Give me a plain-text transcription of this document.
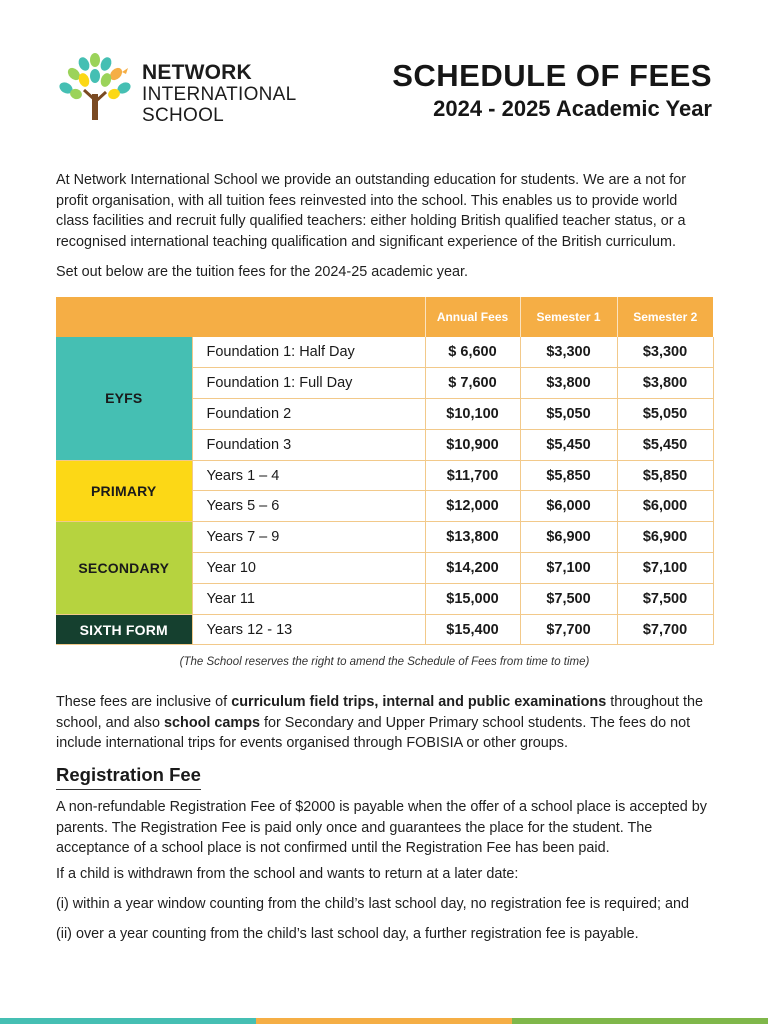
NETWORK
INTERNATIONAL
SCHOOL
SCHEDULE OF FEES
2024 - 2025 Academic Year

At Network International School we provide an outstanding education for students. We are a not for profit organisation, with all tuition fees reinvested into the school. This enables us to provide world class facilities and recruit fully qualified teachers: either holding British qualified teacher status, or a recognised international teaching qualification and significant experience of the British curriculum.

Set out below are the tuition fees for the 2024-25 academic year.

		Annual Fees	Semester 1	Semester 2
EYFS	Foundation 1: Half Day	$ 6,600	$3,300	$3,300
	Foundation 1: Full Day	$ 7,600	$3,800	$3,800
	Foundation 2	$10,100	$5,050	$5,050
	Foundation 3	$10,900	$5,450	$5,450
PRIMARY	Years 1 – 4	$11,700	$5,850	$5,850
	Years 5 – 6	$12,000	$6,000	$6,000
SECONDARY	Years 7 – 9	$13,800	$6,900	$6,900
	Year 10	$14,200	$7,100	$7,100
	Year 11	$15,000	$7,500	$7,500
SIXTH FORM	Years 12 - 13	$15,400	$7,700	$7,700
(The School reserves the right to amend the Schedule of Fees from time to time)

These fees are inclusive of curriculum field trips, internal and public examinations throughout the school, and also school camps for Secondary and Upper Primary school students. The fees do not include international trips for events organised through FOBISIA or other groups.

Registration Fee

A non-refundable Registration Fee of $2000 is payable when the offer of a school place is accepted by parents. The Registration Fee is paid only once and guarantees the place for the student. The acceptance of a school place is not confirmed until the Registration Fee has been paid.

If a child is withdrawn from the school and wants to return at a later date:

(i) within a year window counting from the child’s last school day, no registration fee is required; and

(ii) over a year counting from the child’s last school day, a further registration fee is payable.
